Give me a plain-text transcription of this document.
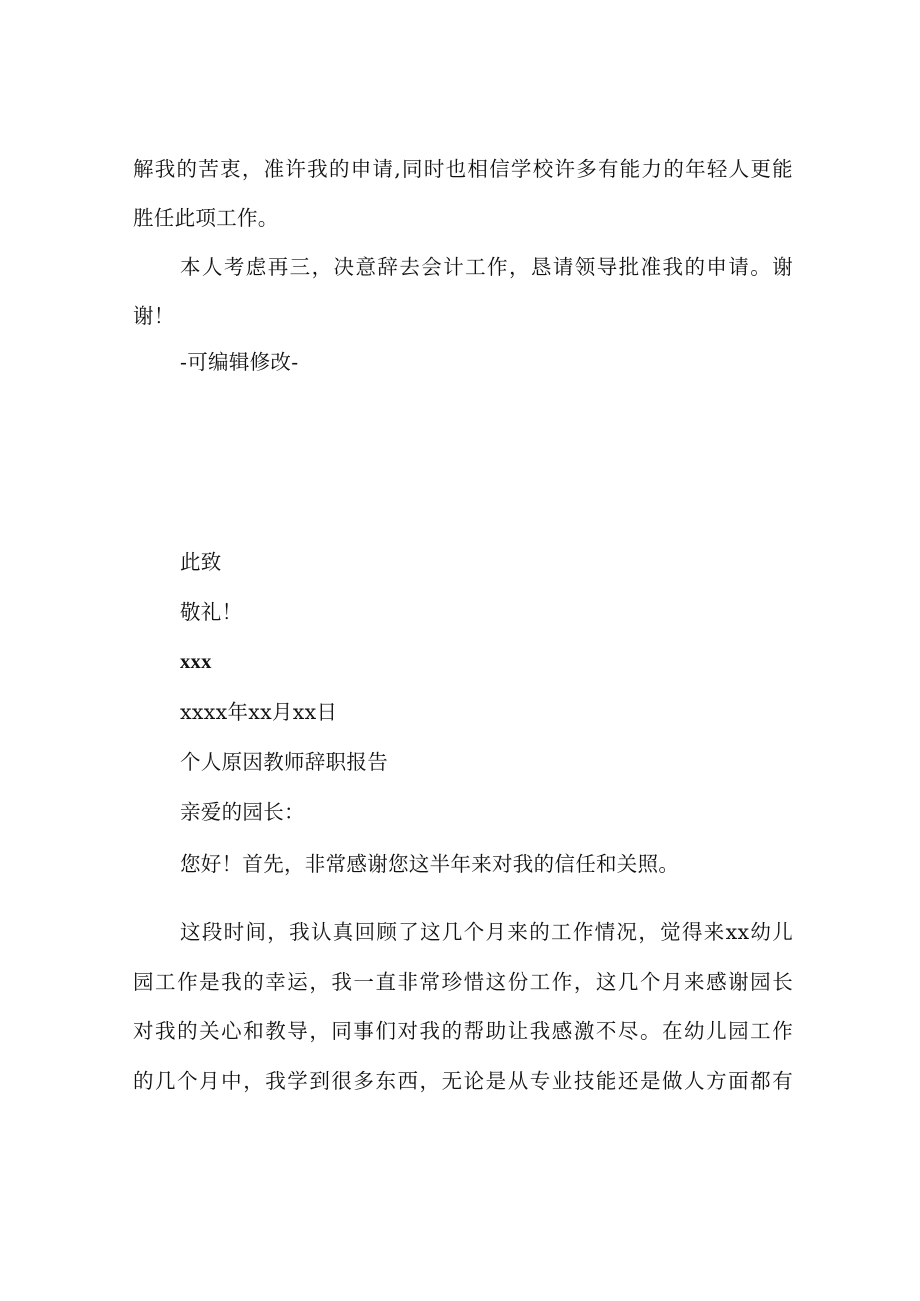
解我的苦衷，准许我的申请,同时也相信学校许多有能力的年轻人更能
胜任此项工作。
本人考虑再三，决意辞去会计工作，恳请领导批准我的申请。谢
谢！
-可编辑修改-
此致
敬礼！
xxx
xxxx年xx月xx日
个人原因教师辞职报告
亲爱的园长：
您好！首先，非常感谢您这半年来对我的信任和关照。
这段时间，我认真回顾了这几个月来的工作情况，觉得来xx幼儿
园工作是我的幸运，我一直非常珍惜这份工作，这几个月来感谢园长
对我的关心和教导，同事们对我的帮助让我感激不尽。在幼儿园工作
的几个月中，我学到很多东西，无论是从专业技能还是做人方面都有
